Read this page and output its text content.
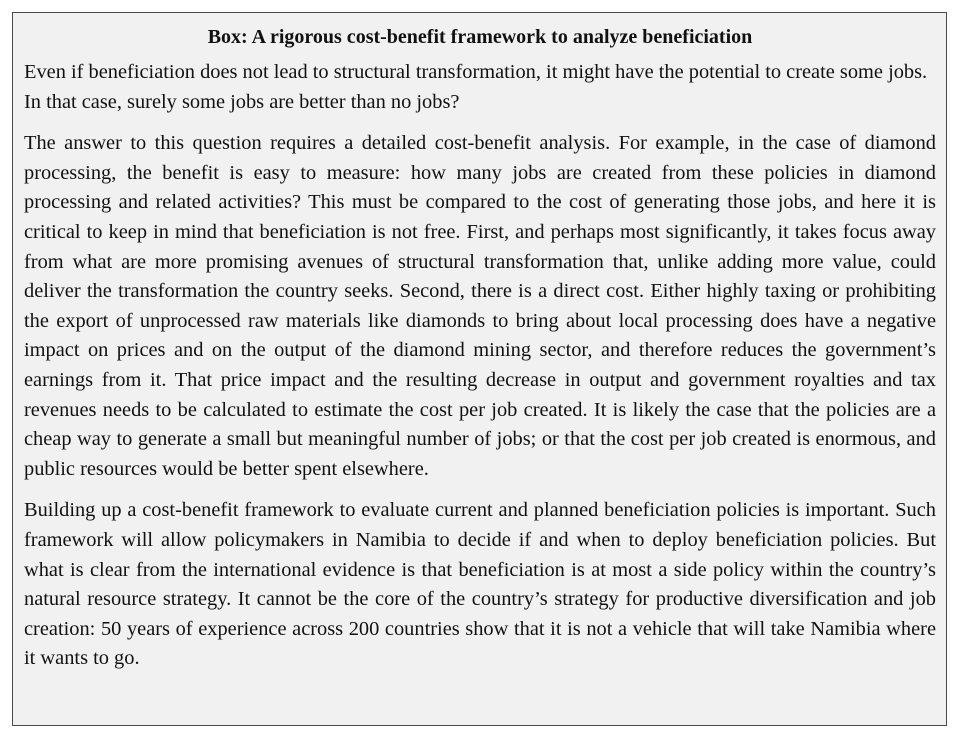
Box: A rigorous cost-benefit framework to analyze beneficiation

Even if beneficiation does not lead to structural transformation, it might have the potential to create some jobs. In that case, surely some jobs are better than no jobs?

The answer to this question requires a detailed cost-benefit analysis. For example, in the case of diamond processing, the benefit is easy to measure: how many jobs are created from these policies in diamond processing and related activities? This must be compared to the cost of generating those jobs, and here it is critical to keep in mind that beneficiation is not free. First, and perhaps most significantly, it takes focus away from what are more promising avenues of structural transformation that, unlike adding more value, could deliver the transformation the country seeks. Second, there is a direct cost. Either highly taxing or prohibiting the export of unprocessed raw materials like diamonds to bring about local processing does have a negative impact on prices and on the output of the diamond mining sector, and therefore reduces the government’s earnings from it. That price impact and the resulting decrease in output and government royalties and tax revenues needs to be calculated to estimate the cost per job created. It is likely the case that the policies are a cheap way to generate a small but meaningful number of jobs; or that the cost per job created is enormous, and public resources would be better spent elsewhere.

Building up a cost-benefit framework to evaluate current and planned beneficiation policies is important. Such framework will allow policymakers in Namibia to decide if and when to deploy beneficiation policies. But what is clear from the international evidence is that beneficiation is at most a side policy within the country’s natural resource strategy. It cannot be the core of the country’s strategy for productive diversification and job creation: 50 years of experience across 200 countries show that it is not a vehicle that will take Namibia where it wants to go.
